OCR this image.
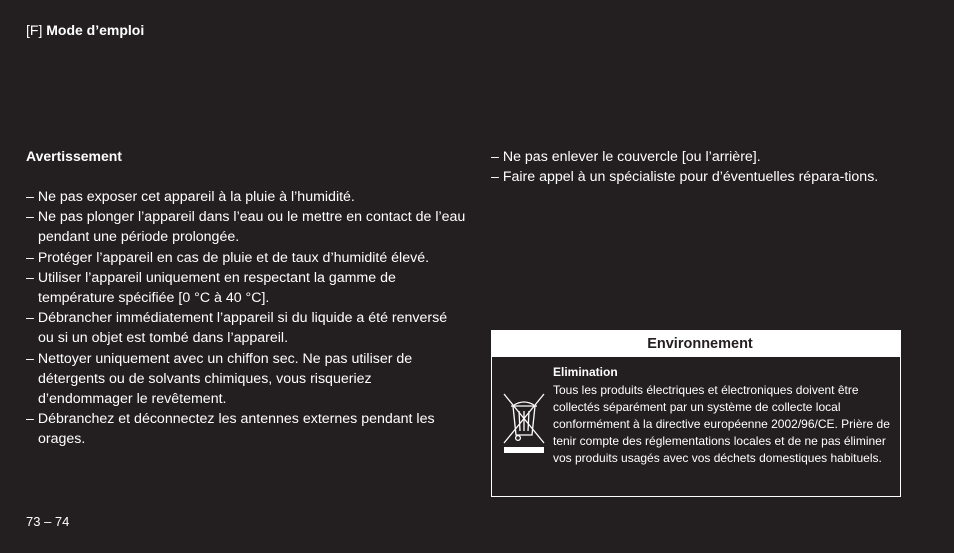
[F] Mode d’emploi
Avertissement
– Ne pas exposer cet appareil à la pluie à l’humidité.
– Ne pas plonger l’appareil dans l’eau ou le mettre en contact de l’eau pendant une période prolongée.
– Protéger l’appareil en cas de pluie et de taux d’humidité élevé.
– Utiliser l’appareil uniquement en respectant la gamme de température spécifiée [0 °C à 40 °C].
– Débrancher immédiatement l’appareil si du liquide a été renversé ou si un objet est tombé dans l’appareil.
– Nettoyer uniquement avec un chiffon sec. Ne pas utiliser de détergents ou de solvants chimiques, vous risqueriez d’endommager le revêtement.
– Débranchez et déconnectez les antennes externes pendant les orages.
– Ne pas enlever le couvercle [ou l’arrière].
– Faire appel à un spécialiste pour d’éventuelles répara-tions.
Environnement
Elimination
Tous les produits électriques et électroniques doivent être collectés séparément par un système de collecte local conformément à la directive européenne 2002/96/CE. Prière de tenir compte des réglementations locales et de ne pas éliminer vos produits usagés avec vos déchets domestiques habituels.
73 – 74
